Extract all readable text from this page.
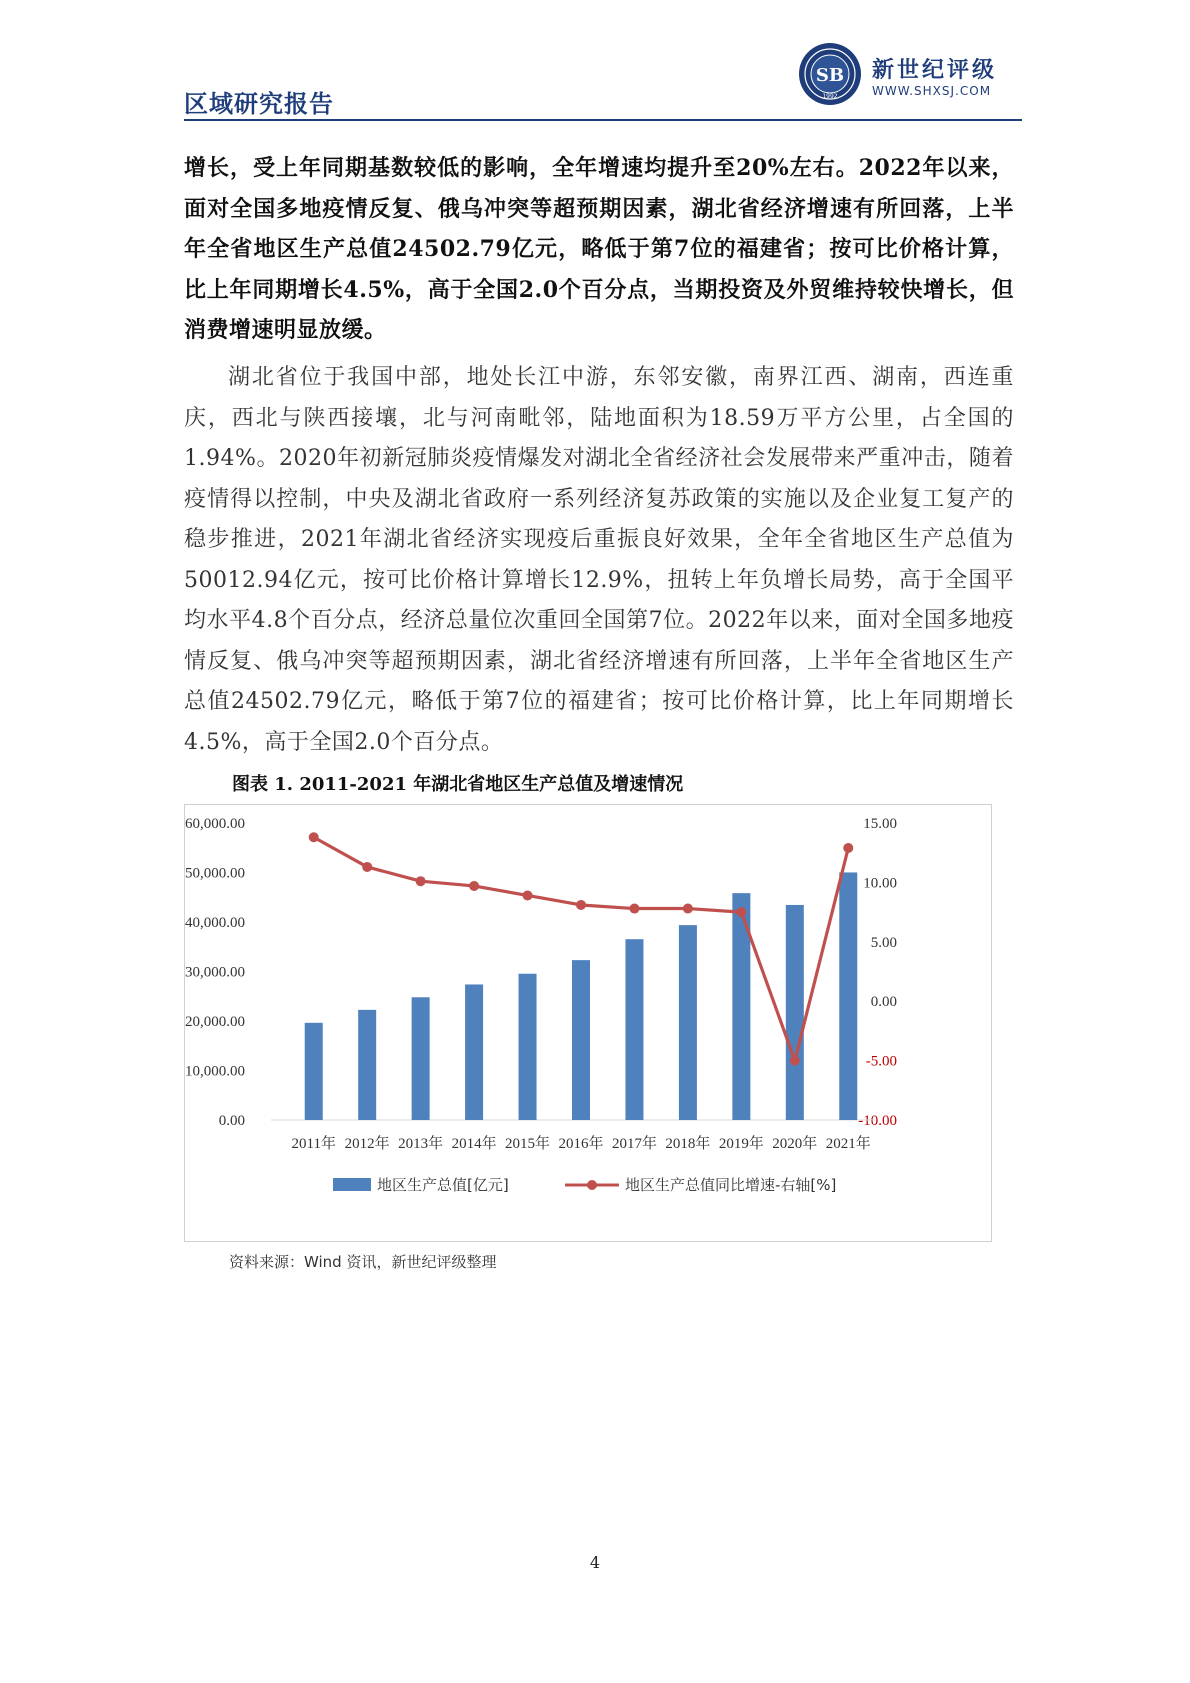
区域研究报告
SB
1992
新世纪评级
WWW.SHXSJ.COM
增长，受上年同期基数较低的影响，全年增速均提升至20%左右。2022年以来，面对全国多地疫情反复、俄乌冲突等超预期因素，湖北省经济增速有所回落，上半年全省地区生产总值24502.79亿元，略低于第7位的福建省；按可比价格计算，比上年同期增长4.5%，高于全国2.0个百分点，当期投资及外贸维持较快增长，但消费增速明显放缓。
湖北省位于我国中部，地处长江中游，东邻安徽，南界江西、湖南，西连重庆，西北与陕西接壤，北与河南毗邻，陆地面积为18.59万平方公里，占全国的1.94%。2020年初新冠肺炎疫情爆发对湖北全省经济社会发展带来严重冲击，随着疫情得以控制，中央及湖北省政府一系列经济复苏政策的实施以及企业复工复产的稳步推进，2021年湖北省经济实现疫后重振良好效果，全年全省地区生产总值为50012.94亿元，按可比价格计算增长12.9%，扭转上年负增长局势，高于全国平均水平4.8个百分点，经济总量位次重回全国第7位。2022年以来，面对全国多地疫情反复、俄乌冲突等超预期因素，湖北省经济增速有所回落，上半年全省地区生产总值24502.79亿元，略低于第7位的福建省；按可比价格计算，比上年同期增长4.5%，高于全国2.0个百分点。
图表 1. 2011-2021 年湖北省地区生产总值及增速情况
0.00
10,000.00
20,000.00
30,000.00
40,000.00
50,000.00
60,000.00
-10.00
-5.00
0.00
5.00
10.00
15.00
2011年 2012年 2013年 2014年 2015年 2016年 2017年 2018年 2019年 2020年 2021年
地区生产总值[亿元]	地区生产总值同比增速-右轴[%]
资料来源：Wind 资讯，新世纪评级整理
4
